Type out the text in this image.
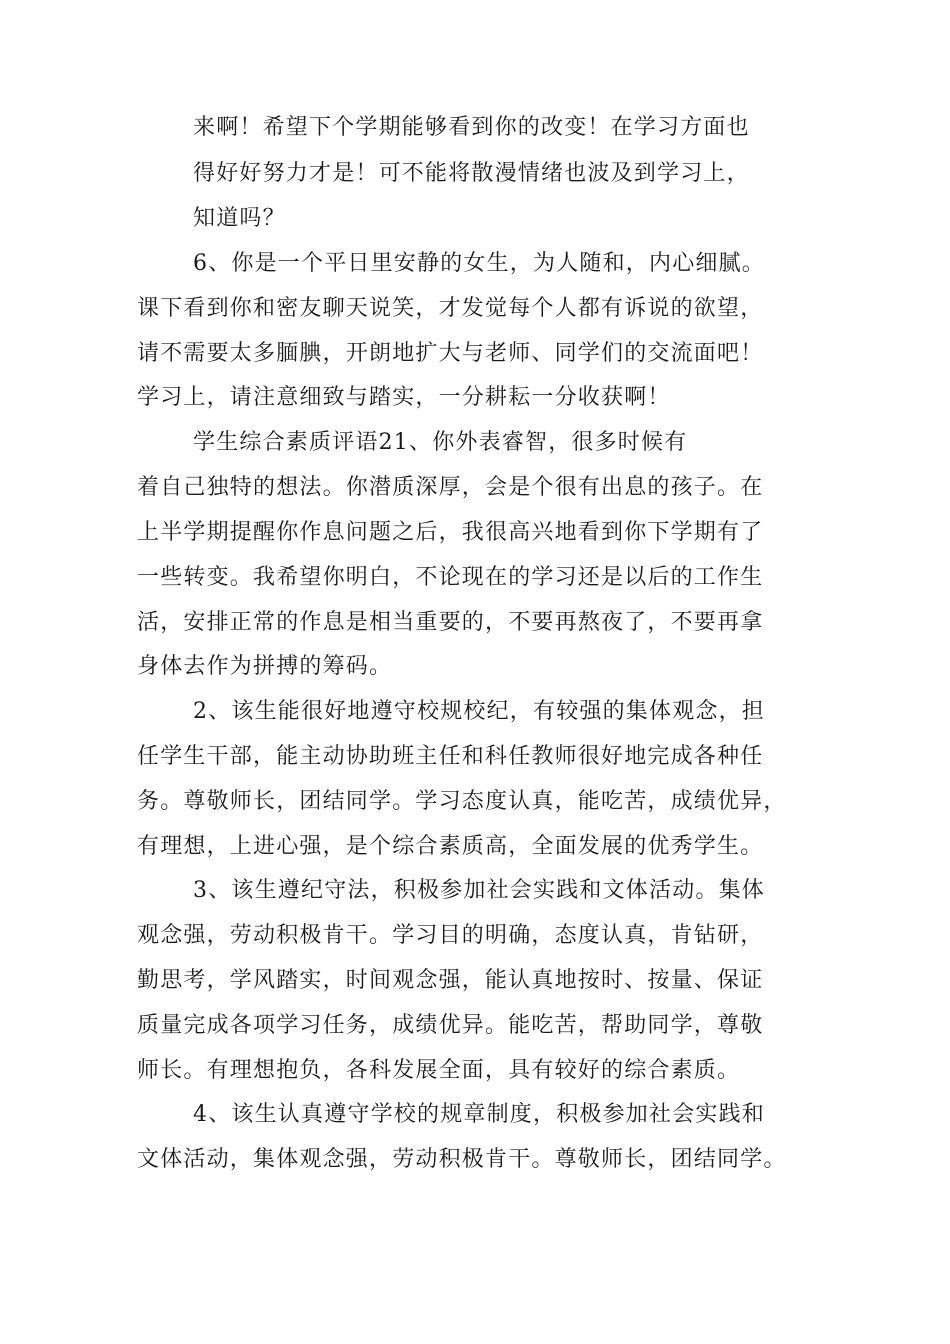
来啊！希望下个学期能够看到你的改变！在学习方面也
得好好努力才是！可不能将散漫情绪也波及到学习上，
知道吗？
6、你是一个平日里安静的女生，为人随和，内心细腻。
课下看到你和密友聊天说笑，才发觉每个人都有诉说的欲望，
请不需要太多腼腆，开朗地扩大与老师、同学们的交流面吧！
学习上，请注意细致与踏实，一分耕耘一分收获啊！
学生综合素质评语21、你外表睿智，很多时候有
着自己独特的想法。你潜质深厚，会是个很有出息的孩子。在
上半学期提醒你作息问题之后，我很高兴地看到你下学期有了
一些转变。我希望你明白，不论现在的学习还是以后的工作生
活，安排正常的作息是相当重要的，不要再熬夜了，不要再拿
身体去作为拼搏的筹码。
2、该生能很好地遵守校规校纪，有较强的集体观念，担
任学生干部，能主动协助班主任和科任教师很好地完成各种任
务。尊敬师长，团结同学。学习态度认真，能吃苦，成绩优异，
有理想，上进心强，是个综合素质高，全面发展的优秀学生。
3、该生遵纪守法，积极参加社会实践和文体活动。集体
观念强，劳动积极肯干。学习目的明确，态度认真，肯钻研，
勤思考，学风踏实，时间观念强，能认真地按时、按量、保证
质量完成各项学习任务，成绩优异。能吃苦，帮助同学，尊敬
师长。有理想抱负，各科发展全面，具有较好的综合素质。
4、该生认真遵守学校的规章制度，积极参加社会实践和
文体活动，集体观念强，劳动积极肯干。尊敬师长，团结同学。
